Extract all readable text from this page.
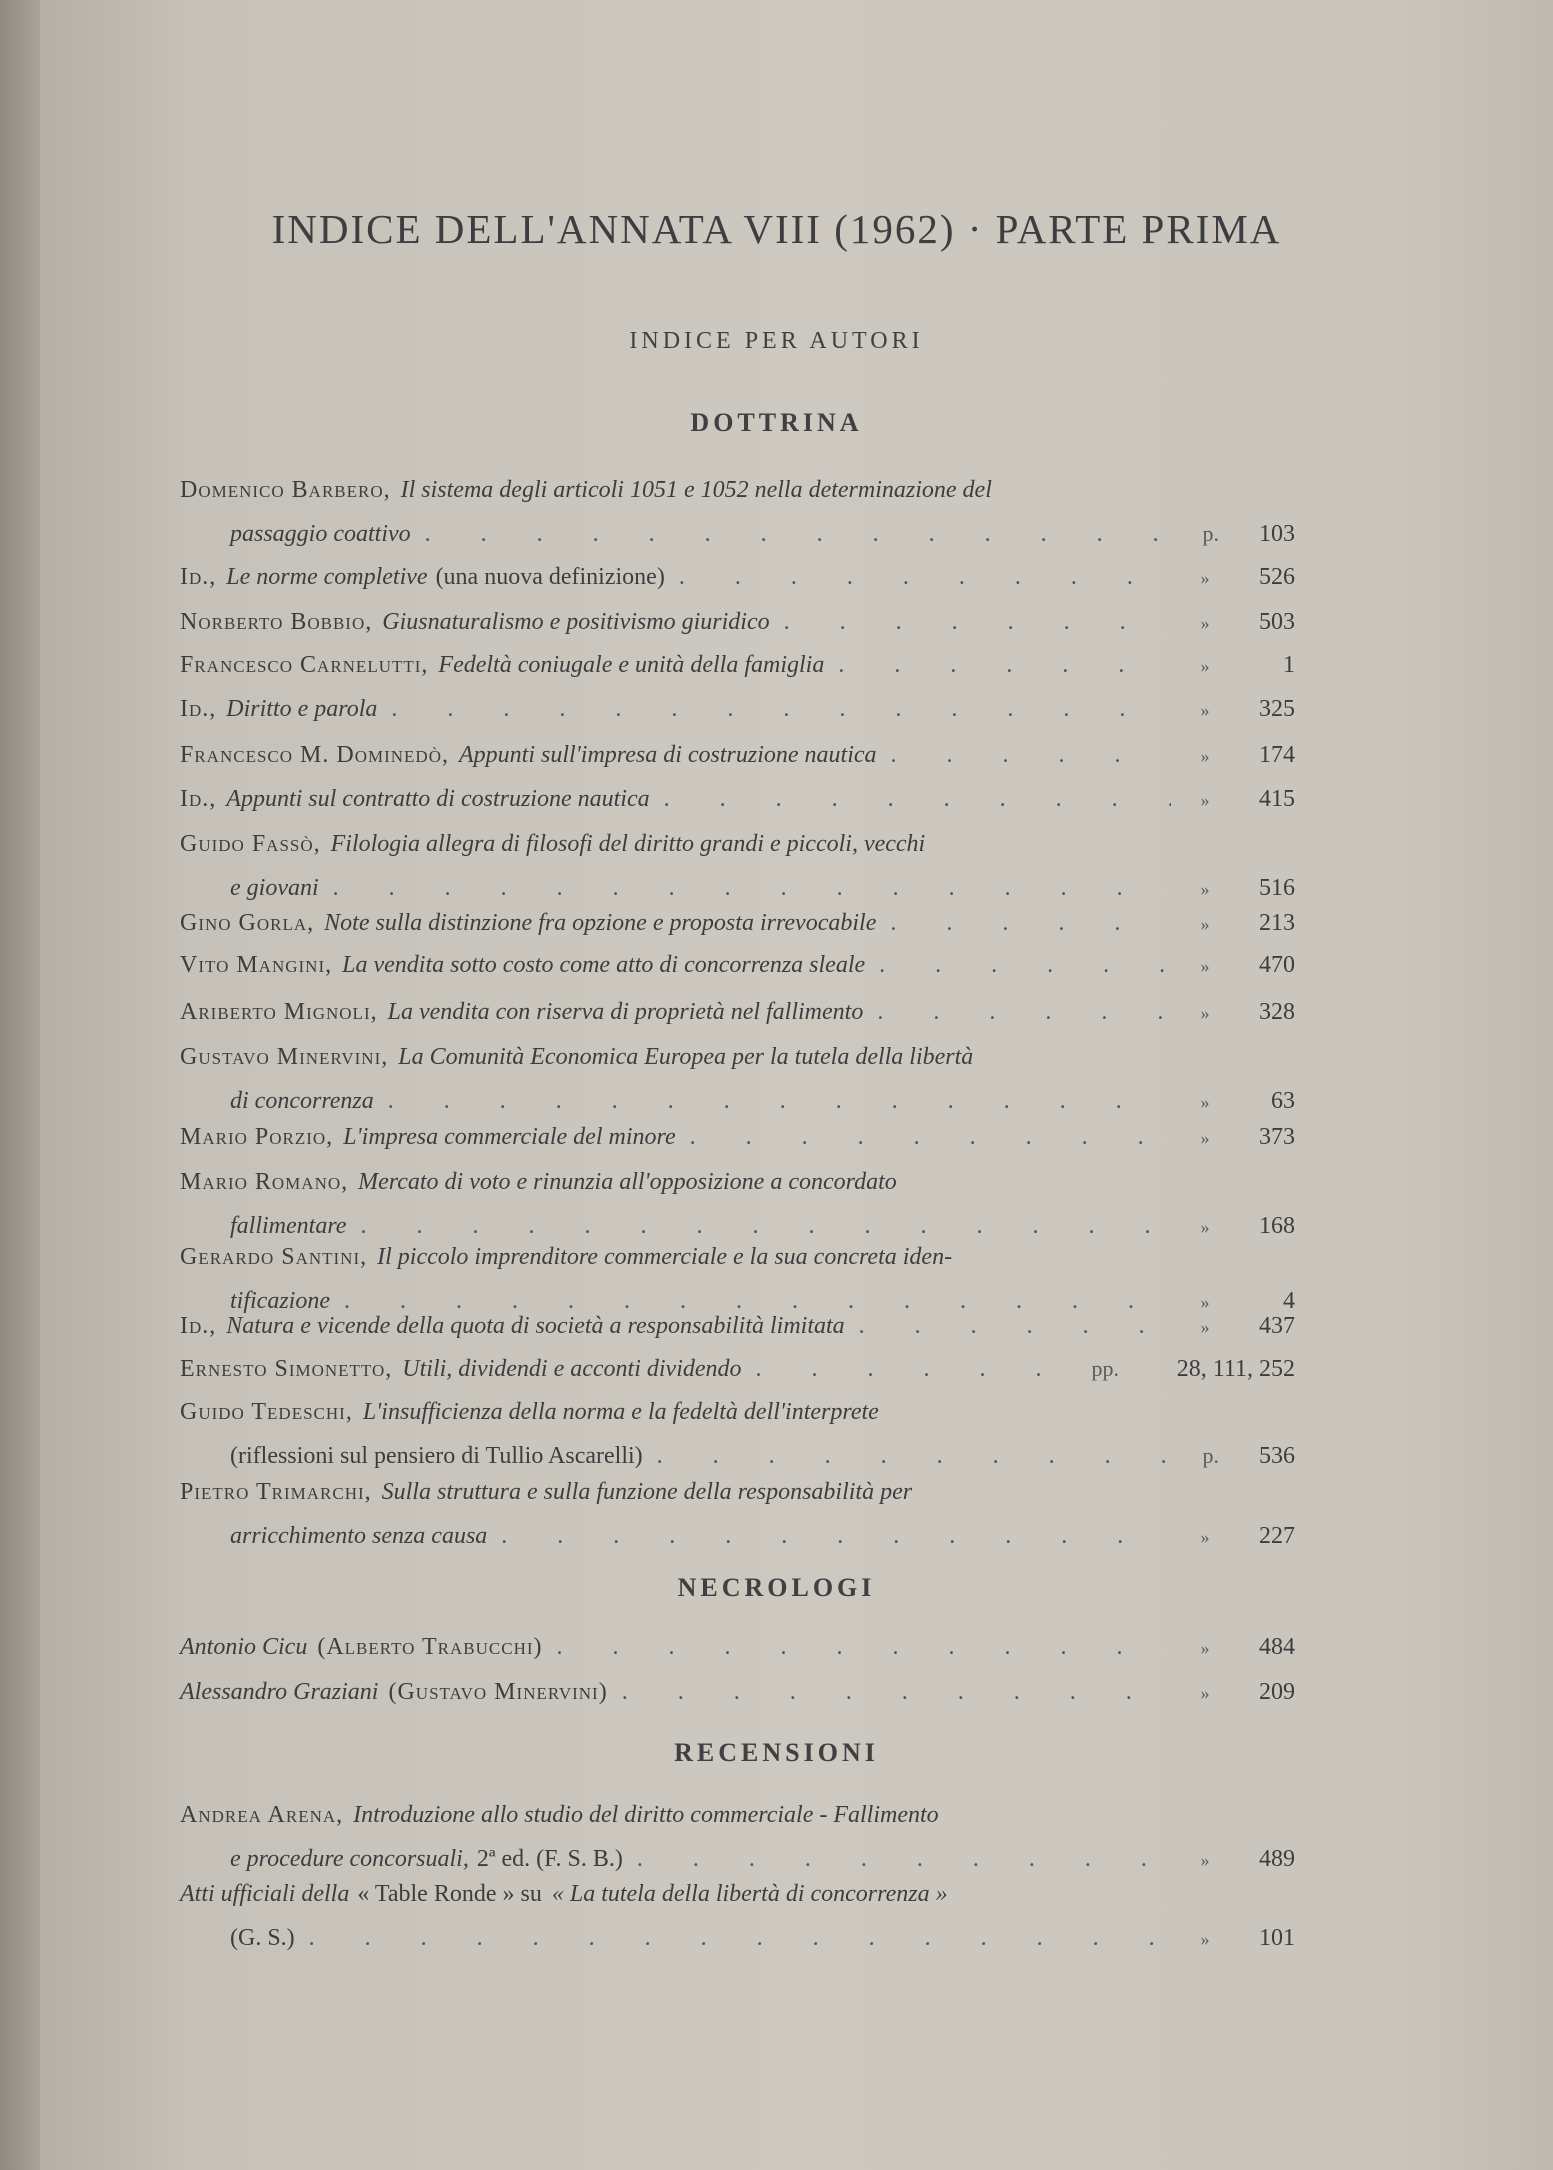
INDICE DELL'ANNATA VIII (1962) · PARTE PRIMA
INDICE PER AUTORI
DOTTRINA
Domenico Barbero, Il sistema degli articoli 1051 e 1052 nella determinazione del
passaggio coattivo . . .	p.	103
Id., Le norme completive (una nuova definizione) . . .	»	526
Norberto Bobbio, Giusnaturalismo e positivismo giuridico . . .	»	503
Francesco Carnelutti, Fedeltà coniugale e unità della famiglia . . .	»	1
Id., Diritto e parola . . .	»	325
Francesco M. Dominedò, Appunti sull'impresa di costruzione nautica . . .	»	174
Id., Appunti sul contratto di costruzione nautica . . .	»	415
Guido Fassò, Filologia allegra di filosofi del diritto grandi e piccoli, vecchi
e giovani . . .	»	516
Gino Gorla, Note sulla distinzione fra opzione e proposta irrevocabile . . .	»	213
Vito Mangini, La vendita sotto costo come atto di concorrenza sleale . . .	»	470
Ariberto Mignoli, La vendita con riserva di proprietà nel fallimento . . .	»	328
Gustavo Minervini, La Comunità Economica Europea per la tutela della libertà
di concorrenza . . .	»	63
Mario Porzio, L'impresa commerciale del minore . . .	»	373
Mario Romano, Mercato di voto e rinunzia all'opposizione a concordato
fallimentare . . .	»	168
Gerardo Santini, Il piccolo imprenditore commerciale e la sua concreta iden-
tificazione . . .	»	4
Id., Natura e vicende della quota di società a responsabilità limitata . . .	»	437
Ernesto Simonetto, Utili, dividendi e acconti dividendo . . .	pp.	28, 111, 252
Guido Tedeschi, L'insufficienza della norma e la fedeltà dell'interprete
(riflessioni sul pensiero di Tullio Ascarelli) . . .	p.	536
Pietro Trimarchi, Sulla struttura e sulla funzione della responsabilità per
arricchimento senza causa . . .	»	227
NECROLOGI
Antonio Cicu (Alberto Trabucchi) . . .	»	484
Alessandro Graziani (Gustavo Minervini) . . .	»	209
RECENSIONI
Andrea Arena, Introduzione allo studio del diritto commerciale - Fallimento
e procedure concorsuali, 2ª ed. (F. S. B.) . . .	»	489
Atti ufficiali della « Table Ronde » su « La tutela della libertà di concorrenza »
(G. S.) . . .	»	101
